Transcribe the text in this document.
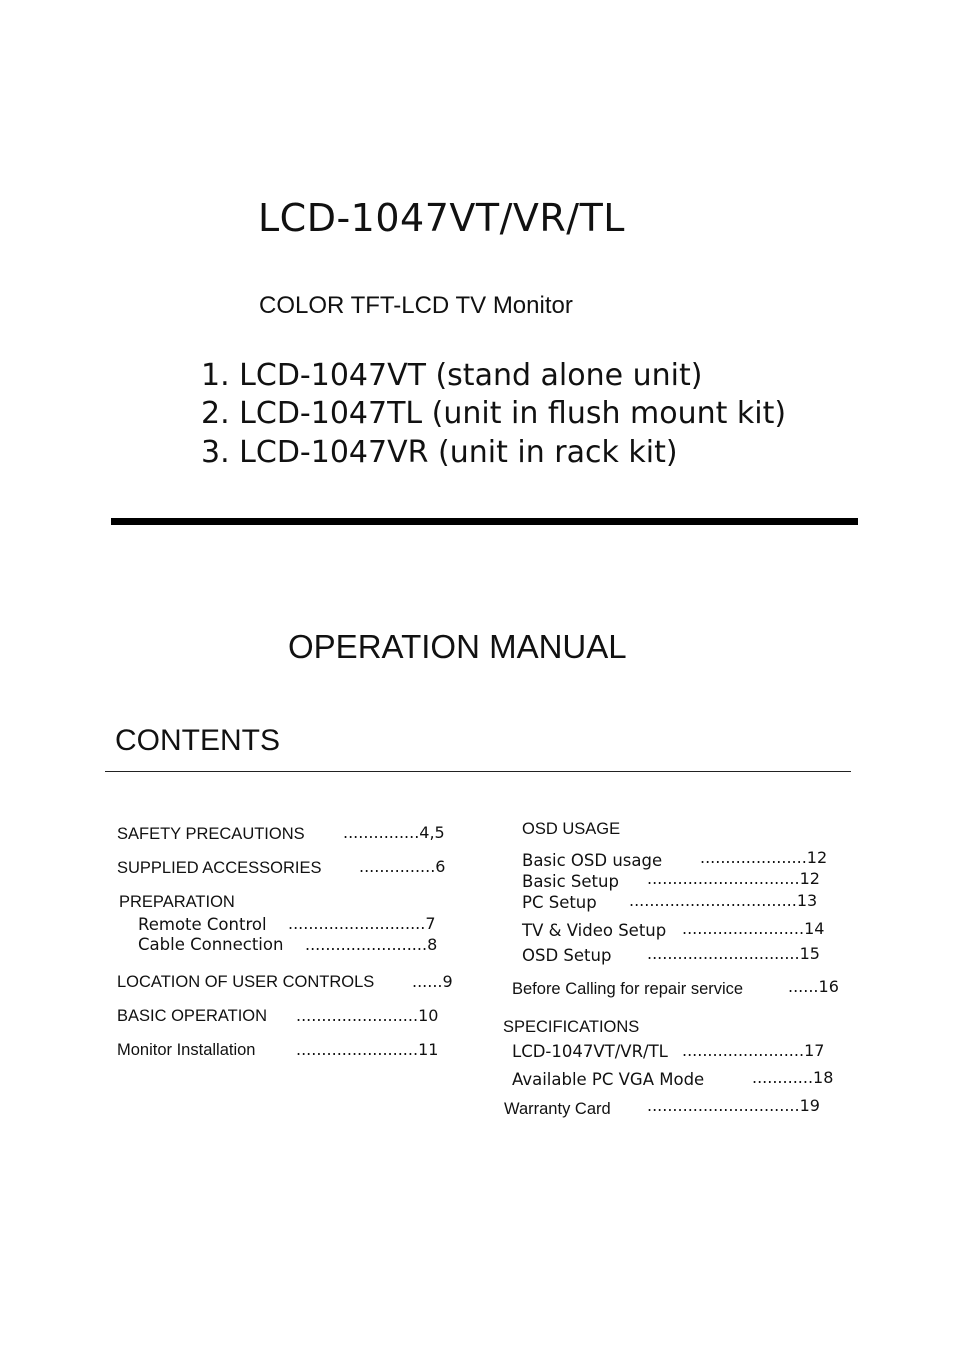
LCD-1047VT/VR/TL
COLOR TFT-LCD TV Monitor
1. LCD-1047VT (stand alone unit)
2. LCD-1047TL (unit in flush mount kit)
3. LCD-1047VR (unit in rack kit)
OPERATION MANUAL
CONTENTS
SAFETY PRECAUTIONS ...............4,5
SUPPLIED ACCESSORIES ...............6
PREPARATION
Remote Control ...........................7
Cable Connection ........................8
LOCATION OF USER CONTROLS ......9
BASIC OPERATION ........................10
Monitor Installation	........................11
OSD USAGE
Basic OSD usage .....................12
Basic Setup ..............................12
PC Setup .................................13
TV & Video Setup ........................14
OSD Setup ..............................15
Before Calling for repair service	......16
SPECIFICATIONS
LCD-1047VT/VR/TL ........................17
Available PC VGA Mode	............18
Warranty Card ..............................19
